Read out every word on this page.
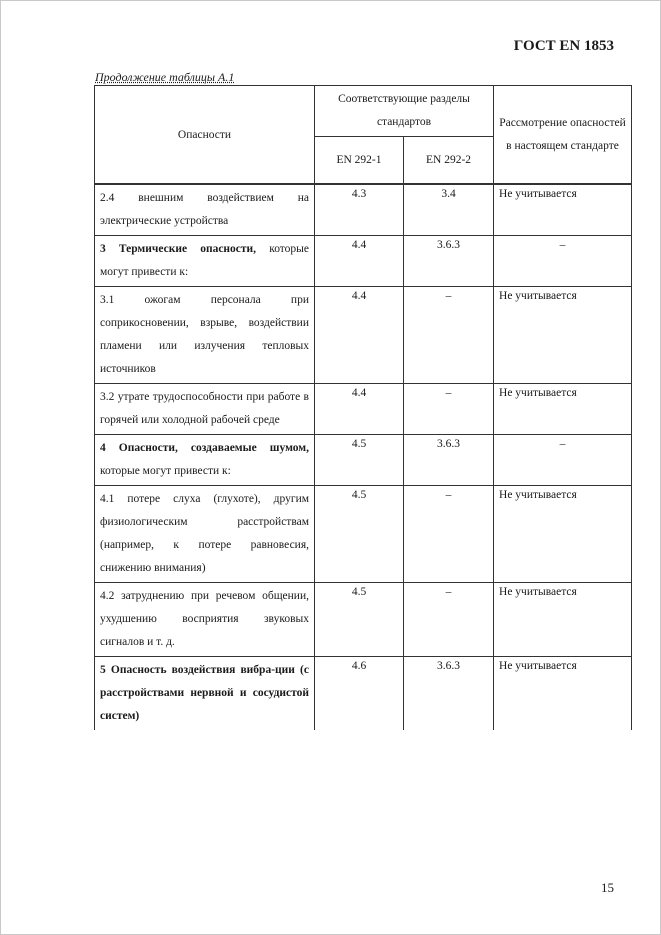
ГОСТ EN 1853
Продолжение таблицы А.1
Опасности	Соответствующие разделы стандартов		Рассмотрение опасностей в настоящем стандарте
	EN 292-1	EN 292-2	
2.4 внешним воздействием на электрические устройства	4.3	3.4	Не учитывается
3 Термические опасности, которые могут привести к:	4.4	3.6.3	–
3.1 ожогам персонала при соприкосновении, взрыве, воздействии пламени или излучения тепловых источников	4.4	–	Не учитывается
3.2 утрате трудоспособности при работе в горячей или холодной рабочей среде	4.4	–	Не учитывается
4 Опасности, создаваемые шумом, которые могут привести к:	4.5	3.6.3	–
4.1 потере слуха (глухоте), другим физиологическим расстройствам (например, к потере равновесия, снижению внимания)	4.5	–	Не учитывается
4.2 затруднению при речевом общении, ухудшению восприятия звуковых сигналов и т. д.	4.5	–	Не учитывается
5 Опасность воздействия вибра-ции (с расстройствами нервной и сосудистой систем)	4.6	3.6.3	Не учитывается
15
